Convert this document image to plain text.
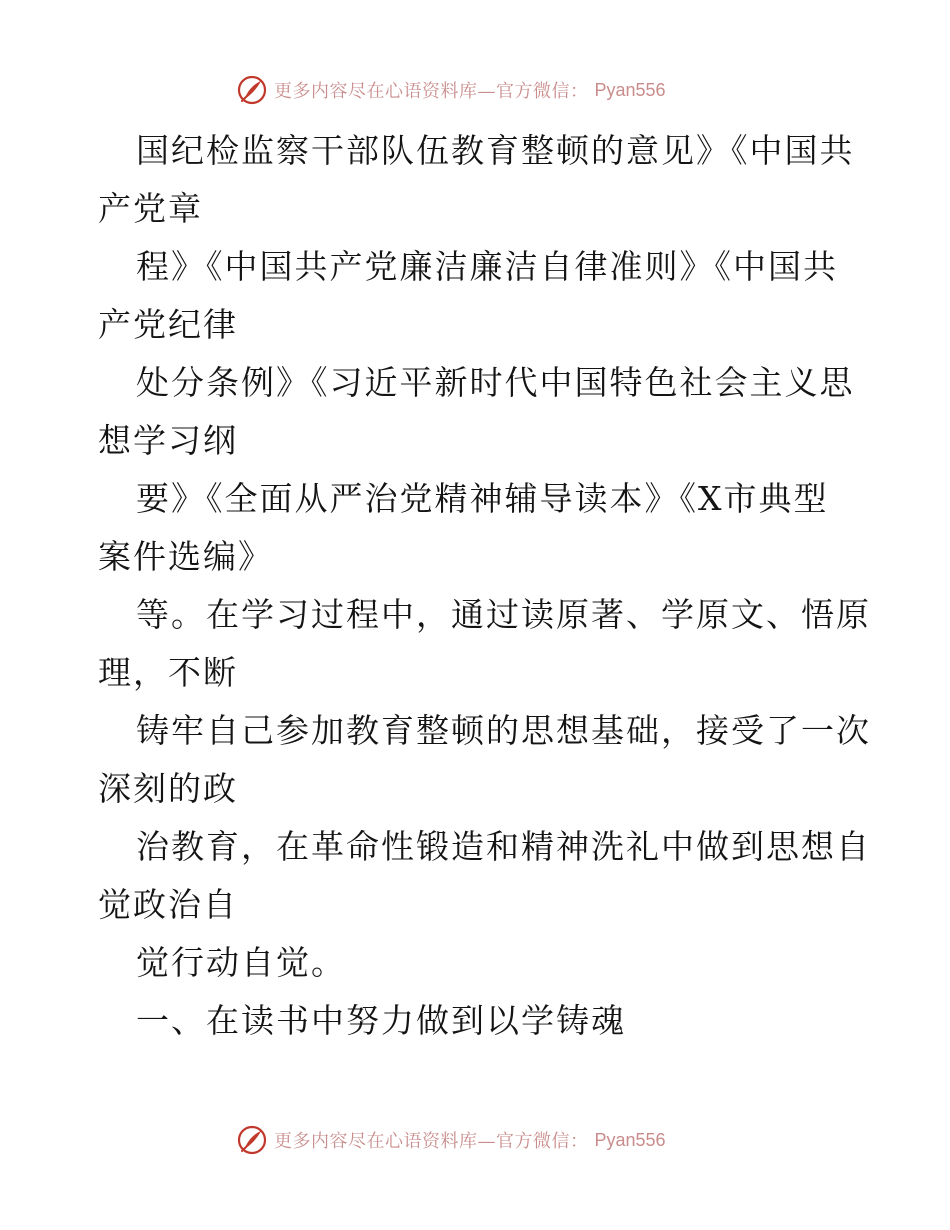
更多内容尽在心语资料库—官方微信： Pyan556
国纪检监察干部队伍教育整顿的意见》《中国共
产党章
程》《中国共产党廉洁廉洁自律准则》《中国共
产党纪律
处分条例》《习近平新时代中国特色社会主义思
想学习纲
要》《全面从严治党精神辅导读本》《X市典型
案件选编》
等。在学习过程中，通过读原著、学原文、悟原
理，不断
铸牢自己参加教育整顿的思想基础，接受了一次
深刻的政
治教育，在革命性锻造和精神洗礼中做到思想自
觉政治自
觉行动自觉。
一、在读书中努力做到以学铸魂
更多内容尽在心语资料库—官方微信： Pyan556
